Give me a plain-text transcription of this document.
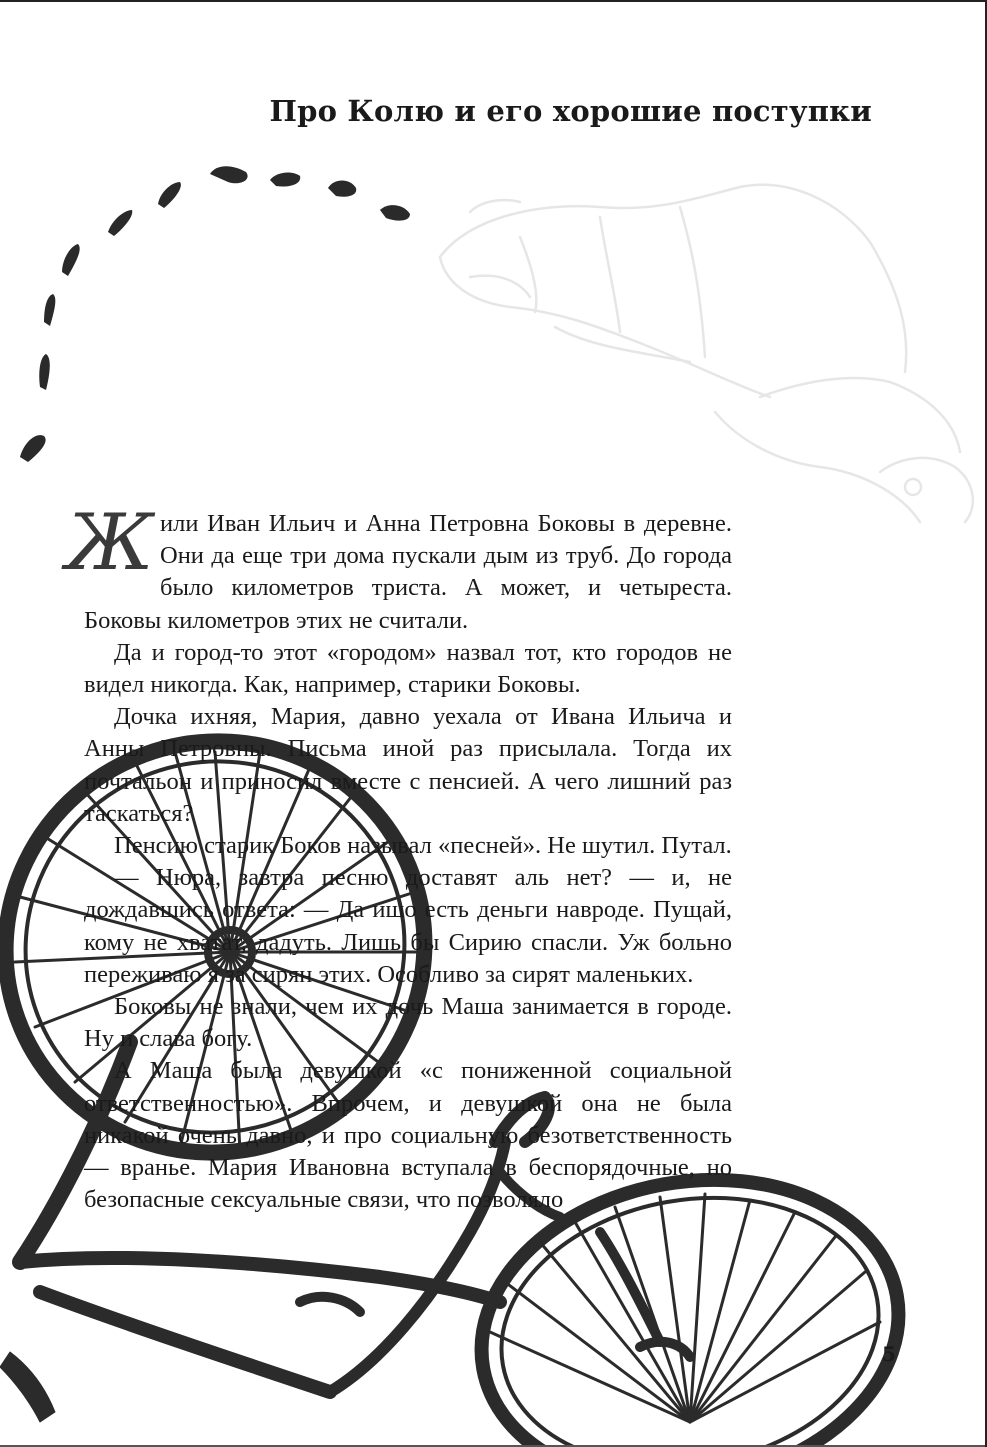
Про Колю и его хорошие поступки

Жили Иван Ильич и Анна Петровна Боковы в деревне. Они да еще три дома пускали дым из труб. До города было километров триста. А может, и четыреста. Боковы километров этих не считали.

Да и город-то этот «городом» назвал тот, кто городов не видел никогда. Как, например, старики Боковы.

Дочка ихняя, Мария, давно уехала от Ивана Ильича и Анны Петровны. Письма иной раз присылала. Тогда их почтальон и приносил вместе с пенсией. А чего лишний раз таскаться?

Пенсию старик Боков называл «песней». Не шутил. Путал.

— Нюра, завтра песню доставят аль нет? — и, не дождавшись ответа: — Да ишо есть деньги навроде. Пущай, кому не хватат, дадуть. Лишь бы Сирию спасли. Уж больно переживаю я за сирян этих. Особливо за сирят маленьких.

Боковы не знали, чем их дочь Маша занимается в городе. Ну и слава богу.

А Маша была девушкой «с пониженной социальной ответственностью». Впрочем, и девушкой она не была никакой очень давно, и про социальную безответственность — вранье. Мария Ивановна вступала в беспорядочные, но безопасные сексуальные связи, что позволяло

5
